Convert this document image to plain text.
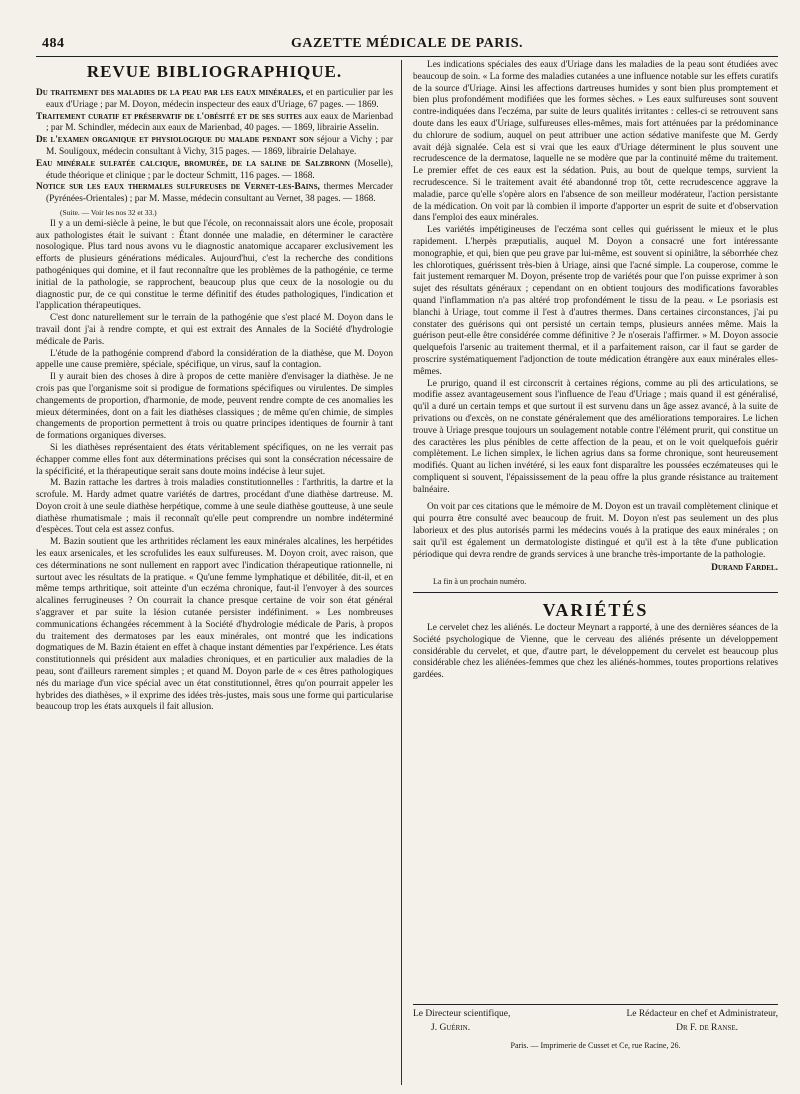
484	GAZETTE MÉDICALE DE PARIS.
REVUE BIBLIOGRAPHIQUE.

Du traitement des maladies de la peau par les eaux minérales, et en particulier par les eaux d'Uriage ; par M. Doyon, médecin inspecteur des eaux d'Uriage, 67 pages. — 1869.

Traitement curatif et préservatif de l'obésité et de ses suites aux eaux de Marienbad ; par M. Schindler, médecin aux eaux de Marienbad, 40 pages. — 1869, librairie Asselin.

De l'examen organique et physiologique du malade pendant son séjour a Vichy ; par M. Souligoux, médecin consultant à Vichy, 315 pages. — 1869, librairie Delahaye.

Eau minérale sulfatée calcique, bromurée, de la saline de Salzbronn (Moselle), étude théorique et clinique ; par le docteur Schmitt, 116 pages. — 1868.

Notice sur les eaux thermales sulfureuses de Vernet-les-Bains, thermes Mercader (Pyrénées-Orientales) ; par M. Masse, médecin consultant au Vernet, 38 pages. — 1868.

(Suite. — Voir les nos 32 et 33.)

Il y a un demi-siècle à peine, le but que l'école, on reconnaissait alors une école, proposait aux pathologistes était le suivant : Étant donnée une maladie, en déterminer le caractère nosologique. Plus tard nous avons vu le diagnostic anatomique accaparer exclusivement les efforts de plusieurs générations médicales. Aujourd'hui, c'est la recherche des conditions pathogéniques qui domine, et il faut reconnaître que les problèmes de la pathogénie, ce terme initial de la pathologie, se rapprochent, beaucoup plus que ceux de la nosologie ou du diagnostic pur, de ce qui constitue le terme définitif des études pathologiques, l'indication et l'application thérapeutiques.

C'est donc naturellement sur le terrain de la pathogénie que s'est placé M. Doyon dans le travail dont j'ai à rendre compte, et qui est extrait des Annales de la Société d'hydrologie médicale de Paris.

L'étude de la pathogénie comprend d'abord la considération de la diathèse, que M. Doyon appelle une cause première, spéciale, spécifique, un virus, sauf la contagion.

Il y aurait bien des choses à dire à propos de cette manière d'envisager la diathèse. Je ne crois pas que l'organisme soit si prodigue de formations spécifiques ou virulentes. De simples changements de proportion, d'harmonie, de mode, peuvent rendre compte de ces anomalies les mieux déterminées, dont on a fait les diathèses classiques ; de même qu'en chimie, de simples changements de proportion permettent à trois ou quatre principes identiques de fournir à tant de formations organiques diverses.

Si les diathèses représentaient des états véritablement spécifiques, on ne les verrait pas échapper comme elles font aux déterminations précises qui sont la consécration nécessaire de la spécificité, et la thérapeutique serait sans doute moins indécise à leur sujet.

M. Bazin rattache les dartres à trois maladies constitutionnelles : l'arthritis, la dartre et la scrofule. M. Hardy admet quatre variétés de dartres, procédant d'une diathèse dartreuse. M. Doyon croit à une seule diathèse herpétique, comme à une seule diathèse goutteuse, à une seule diathèse rhumatismale ; mais il reconnaît qu'elle peut comprendre un nombre indéterminé d'espèces. Tout cela est assez confus.

M. Bazin soutient que les arthritides réclament les eaux minérales alcalines, les herpétides les eaux arsenicales, et les scrofulides les eaux sulfureuses. M. Doyon croit, avec raison, que ces déterminations ne sont nullement en rapport avec l'indication thérapeutique rationnelle, ni surtout avec les résultats de la pratique. « Qu'une femme lymphatique et débilitée, dit-il, et en même temps arthritique, soit atteinte d'un eczéma chronique, faut-il l'envoyer à des sources alcalines ferrugineuses ? On courrait la chance presque certaine de voir son état général s'aggraver et par suite la lésion cutanée persister indéfiniment. » Les nombreuses communications échangées récemment à la Société d'hydrologie médicale de Paris, à propos du traitement des dermatoses par les eaux minérales, ont montré que les indications dogmatiques de M. Bazin étaient en effet à chaque instant démenties par l'expérience. Les états constitutionnels qui président aux maladies chroniques, et en particulier aux maladies de la peau, sont d'ailleurs rarement simples ; et quand M. Doyon parle de « ces êtres pathologiques nés du mariage d'un vice spécial avec un état constitutionnel, êtres qu'on pourrait appeler les hybrides des diathèses, » il exprime des idées très-justes, mais sous une forme qui particularise beaucoup trop les états auxquels il fait allusion.

Les indications spéciales des eaux d'Uriage dans les maladies de la peau sont étudiées avec beaucoup de soin. « La forme des maladies cutanées a une influence notable sur les effets curatifs de la source d'Uriage. Ainsi les affections dartreuses humides y sont bien plus promptement et bien plus profondément modifiées que les formes sèches. » Les eaux sulfureuses sont souvent contre-indiquées dans l'eczéma, par suite de leurs qualités irritantes : celles-ci se retrouvent sans doute dans les eaux d'Uriage, sulfureuses elles-mêmes, mais fort atténuées par la prédominance du chlorure de sodium, auquel on peut attribuer une action sédative manifeste que M. Gerdy avait déjà signalée. Cela est si vrai que les eaux d'Uriage déterminent le plus souvent une recrudescence de la dermatose, laquelle ne se modère que par la continuité même du traitement. Le premier effet de ces eaux est la sédation. Puis, au bout de quelque temps, survient la recrudescence. Si le traitement avait été abandonné trop tôt, cette recrudescence aggrave la maladie, parce qu'elle s'opère alors en l'absence de son meilleur modérateur, l'action persistante de la médication. On voit par là combien il importe d'apporter un esprit de suite et d'observation dans l'emploi des eaux minérales.

Les variétés impétigineuses de l'eczéma sont celles qui guérissent le mieux et le plus rapidement. L'herpès præputialis, auquel M. Doyon a consacré une fort intéressante monographie, et qui, bien que peu grave par lui-même, est souvent si opiniâtre, la séborrhée chez les chlorotiques, guérissent très-bien à Uriage, ainsi que l'acné simple. La couperose, comme le fait justement remarquer M. Doyon, présente trop de variétés pour que l'on puisse exprimer à son sujet des résultats généraux ; cependant on en obtient toujours des modifications favorables quand l'inflammation n'a pas altéré trop profondément le tissu de la peau. « Le psoriasis est blanchi à Uriage, tout comme il l'est à d'autres thermes. Dans certaines circonstances, j'ai pu constater des guérisons qui ont persisté un certain temps, plusieurs années même. Mais la guérison peut-elle être considérée comme définitive ? Je n'oserais l'affirmer. » M. Doyon associe quelquefois l'arsenic au traitement thermal, et il a parfaitement raison, car il faut se garder de proscrire systématiquement l'adjonction de toute médication étrangère aux eaux minérales elles-mêmes.

Le prurigo, quand il est circonscrit à certaines régions, comme au pli des articulations, se modifie assez avantageusement sous l'influence de l'eau d'Uriage ; mais quand il est généralisé, qu'il a duré un certain temps et que surtout il est survenu dans un âge assez avancé, à la suite de privations ou d'excès, on ne constate généralement que des améliorations temporaires. Le lichen trouve à Uriage presque toujours un soulagement notable contre l'élément prurit, qui constitue un des caractères les plus pénibles de cette affection de la peau, et on le voit quelquefois guérir complètement. Le lichen simplex, le lichen agrius dans sa forme chronique, sont heureusement modifiés. Quant au lichen invétéré, si les eaux font disparaître les poussées eczémateuses qui le compliquent si souvent, l'épaississement de la peau offre la plus grande résistance au traitement balnéaire.

On voit par ces citations que le mémoire de M. Doyon est un travail complètement clinique et qui pourra être consulté avec beaucoup de fruit. M. Doyon n'est pas seulement un des plus laborieux et des plus autorisés parmi les médecins voués à la pratique des eaux minérales ; on sait qu'il est également un dermatologiste distingué et qu'il est à la tête d'une publication périodique qui devra rendre de grands services à une branche très-importante de la pathologie.

Durand Fardel.

La fin à un prochain numéro.

VARIÉTÉS

Le cervelet chez les aliénés. Le docteur Meynart a rapporté, à une des dernières séances de la Société psychologique de Vienne, que le cerveau des aliénés présente un développement considérable du cervelet, et que, d'autre part, le développement du cervelet est beaucoup plus considérable chez les aliénées-femmes que chez les aliénés-hommes, toutes proportions relatives gardées.

Le Directeur scientifique,	Le Rédacteur en chef et Administrateur,
J. Guérin.	Dr F. de Ranse.
Paris. — Imprimerie de Cusset et Ce, rue Racine, 26.
